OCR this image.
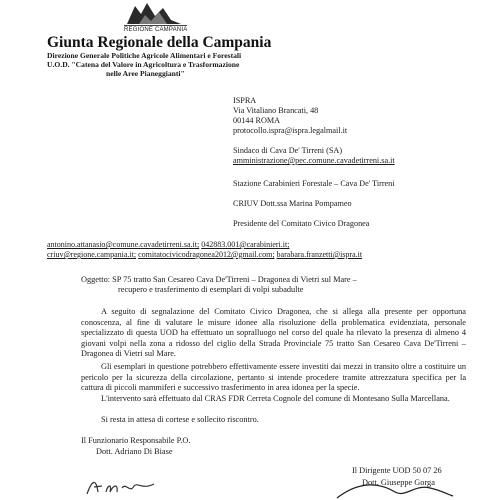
REGIONE CAMPANIA
Giunta Regionale della Campania
Direzione Generale Politiche Agricole Alimentari e Forestali
U.O.D. "Catena del Valore in Agricoltura e Trasformazione
nelle Aree Pianeggianti"
ISPRA
Via Vitaliano Brancati, 48
00144 ROMA
protocollo.ispra@ispra.legalmail.it
Sindaco di Cava De' Tirreni (SA)
amministrazione@pec.comune.cavadetirreni.sa.it
Stazione Carabinieri Forestale – Cava De' Tirreni
CRIUV Dott.ssa Marina Pompameo
Presidente del Comitato Civico Dragonea
antonino.attanasio@comune.cavadetirreni.sa.it; 042883.001@carabinieri.it;
criuv@regione.campania.it; comitatocivicodragonea2012@gmail.com; barabara.franzetti@ispra.it
Oggetto: SP 75 tratto San Cesareo Cava De'Tirreni – Dragonea di Vietri sul Mare –
recupero e trasferimento di esemplari di volpi subadulte
A seguito di segnalazione del Comitato Civico Dragonea, che si allega alla presente per opportuna conoscenza, al fine di valutare le misure idonee alla risoluzione della problematica evidenziata, personale specializzato di questa UOD ha effettuato un sopralluogo nel corso del quale ha rilevato la presenza di almeno 4 giovani volpi nella zona a ridosso del ciglio della Strada Provinciale 75 tratto San Cesareo Cava De'Tirreni – Dragonea di Vietri sul Mare.
Gli esemplari in questione potrebbero effettivamente essere investiti dai mezzi in transito oltre a costituire un pericolo per la sicurezza della circolazione, pertanto si intende procedere tramite attrezzatura specifica per la cattura di piccoli mammiferi e successivo trasferimento in area idonea per la specie.
L'intervento sarà effettuato dal CRAS FDR Cerreta Cognole del comune di Montesano Sulla Marcellana.
Si resta in attesa di cortese e sollecito riscontro.
Il Funzionario Responsabile P.O.
Dott. Adriano Di Biase
Il Dirigente UOD 50 07 26
Dott. Giuseppe Gorga
